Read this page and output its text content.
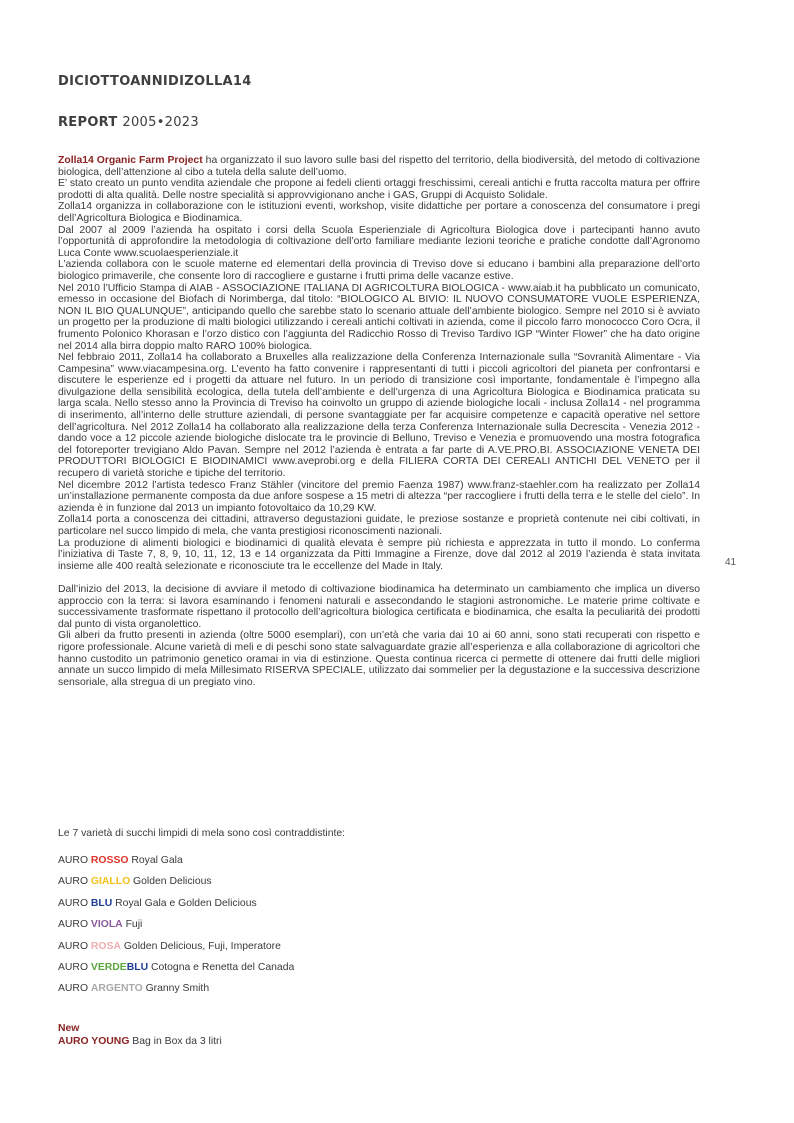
DICIOTTOANNIDIZOLLA14
REPORT 2005•2023

Zolla14 Organic Farm Project ha organizzato il suo lavoro sulle basi del rispetto del territorio, della biodiversità, del metodo di coltivazione biologica, dell’attenzione al cibo a tutela della salute dell’uomo.

E’ stato creato un punto vendita aziendale che propone ai fedeli clienti ortaggi freschissimi, cereali antichi e frutta raccolta matura per offrire prodotti di alta qualità. Delle nostre specialità si approvvigionano anche i GAS, Gruppi di Acquisto Solidale.

Zolla14 organizza in collaborazione con le istituzioni eventi, workshop, visite didattiche per portare a conoscenza del consumatore i pregi dell’Agricoltura Biologica e Biodinamica.

Dal 2007 al 2009 l’azienda ha ospitato i corsi della Scuola Esperienziale di Agricoltura Biologica dove i partecipanti hanno avuto l’opportunità di approfondire la metodologia di coltivazione dell’orto familiare mediante lezioni teoriche e pratiche condotte dall’Agronomo Luca Conte www.scuolaesperienziale.it

L’azienda collabora con le scuole materne ed elementari della provincia di Treviso dove si educano i bambini alla preparazione dell’orto biologico primaverile, che consente loro di raccogliere e gustarne i frutti prima delle vacanze estive.

Nel 2010 l’Ufficio Stampa di AIAB - ASSOCIAZIONE ITALIANA DI AGRICOLTURA BIOLOGICA - www.aiab.it ha pubblicato un comunicato, emesso in occasione del Biofach di Norimberga, dal titolo: “BIOLOGICO AL BIVIO: IL NUOVO CONSUMATORE VUOLE ESPERIENZA, NON IL BIO QUALUNQUE”, anticipando quello che sarebbe stato lo scenario attuale dell’ambiente biologico. Sempre nel 2010 si è avviato un progetto per la produzione di malti biologici utilizzando i cereali antichi coltivati in azienda, come il piccolo farro monococco Coro Ocra, il frumento Polonico Khorasan e l’orzo distico con l’aggiunta del Radicchio Rosso di Treviso Tardivo IGP “Winter Flower” che ha dato origine nel 2014 alla birra doppio malto RARO 100% biologica.

Nel febbraio 2011, Zolla14 ha collaborato a Bruxelles alla realizzazione della Conferenza Internazionale sulla “Sovranità Alimentare - Via Campesina” www.viacampesina.org. L’evento ha fatto convenire i rappresentanti di tutti i piccoli agricoltori del pianeta per confrontarsi e discutere le esperienze ed i progetti da attuare nel futuro. In un periodo di transizione così importante, fondamentale è l’impegno alla divulgazione della sensibilità ecologica, della tutela dell’ambiente e dell’urgenza di una Agricoltura Biologica e Biodinamica praticata su larga scala. Nello stesso anno la Provincia di Treviso ha coinvolto un gruppo di aziende biologiche locali - inclusa Zolla14 - nel programma di inserimento, all’interno delle strutture aziendali, di persone svantaggiate per far acquisire competenze e capacità operative nel settore dell’agricoltura. Nel 2012 Zolla14 ha collaborato alla realizzazione della terza Conferenza Internazionale sulla Decrescita - Venezia 2012 - dando voce a 12 piccole aziende biologiche dislocate tra le provincie di Belluno, Treviso e Venezia e promuovendo una mostra fotografica del fotoreporter trevigiano Aldo Pavan. Sempre nel 2012 l’azienda è entrata a far parte di A.VE.PRO.BI. ASSOCIAZIONE VENETA DEI PRODUTTORI BIOLOGICI E BIODINAMICI www.aveprobi.org e della FILIERA CORTA DEI CEREALI ANTICHI DEL VENETO per il recupero di varietà storiche e tipiche del territorio.

Nel dicembre 2012 l’artista tedesco Franz Stähler (vincitore del premio Faenza 1987) www.franz-staehler.com ha realizzato per Zolla14 un’installazione permanente composta da due anfore sospese a 15 metri di altezza “per raccogliere i frutti della terra e le stelle del cielo”. In azienda è in funzione dal 2013 un impianto fotovoltaico da 10,29 KW.

Zolla14 porta a conoscenza dei cittadini, attraverso degustazioni guidate, le preziose sostanze e proprietà contenute nei cibi coltivati, in particolare nel succo limpido di mela, che vanta prestigiosi riconoscimenti nazionali.

La produzione di alimenti biologici e biodinamici di qualità elevata è sempre più richiesta e apprezzata in tutto il mondo. Lo conferma l’iniziativa di Taste 7, 8, 9, 10, 11, 12, 13 e 14 organizzata da Pitti Immagine a Firenze, dove dal 2012 al 2019 l’azienda è stata invitata insieme alle 400 realtà selezionate e riconosciute tra le eccellenze del Made in Italy.

Dall’inizio del 2013, la decisione di avviare il metodo di coltivazione biodinamica ha determinato un cambiamento che implica un diverso approccio con la terra: si lavora esaminando i fenomeni naturali e assecondando le stagioni astronomiche. Le materie prime coltivate e successivamente trasformate rispettano il protocollo dell’agricoltura biologica certificata e biodinamica, che esalta la peculiarità dei prodotti dal punto di vista organolettico.

Gli alberi da frutto presenti in azienda (oltre 5000 esemplari), con un’età che varia dai 10 ai 60 anni, sono stati recuperati con rispetto e rigore professionale. Alcune varietà di meli e di peschi sono state salvaguardate grazie all’esperienza e alla collaborazione di agricoltori che hanno custodito un patrimonio genetico oramai in via di estinzione. Questa continua ricerca ci permette di ottenere dai frutti delle migliori annate un succo limpido di mela Millesimato RISERVA SPECIALE, utilizzato dai sommelier per la degustazione e la successiva descrizione sensoriale, alla stregua di un pregiato vino.

Le 7 varietà di succhi limpidi di mela sono così contraddistinte:
AURO ROSSO Royal Gala
AURO GIALLO Golden Delicious
AURO BLU Royal Gala e Golden Delicious
AURO VIOLA Fuji
AURO ROSA Golden Delicious, Fuji, Imperatore
AURO VERDEBLU Cotogna e Renetta del Canada
AURO ARGENTO Granny Smith
New
AURO YOUNG Bag in Box da 3 litri
41
